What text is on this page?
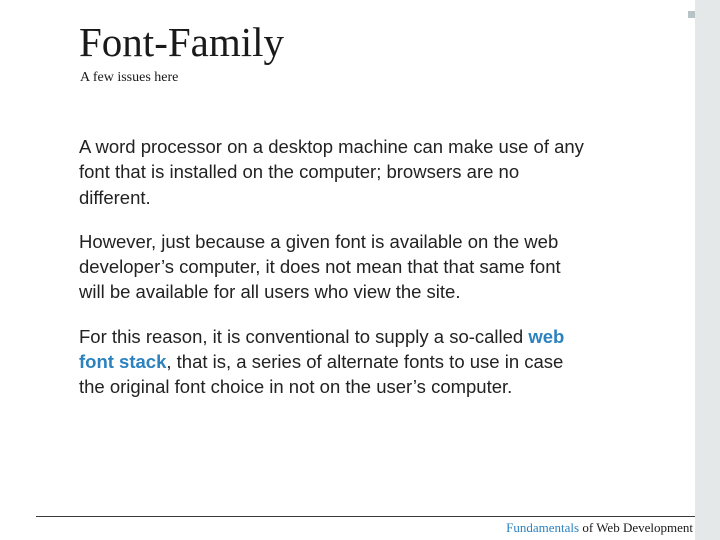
Font-Family

A few issues here

A word processor on a desktop machine can make use of any font that is installed on the computer; browsers are no different.

However, just because a given font is available on the web developer’s computer, it does not mean that that same font will be available for all users who view the site.

For this reason, it is conventional to supply a so-called web font stack, that is, a series of alternate fonts to use in case the original font choice in not on the user’s computer.

Fundamentals of Web Development
